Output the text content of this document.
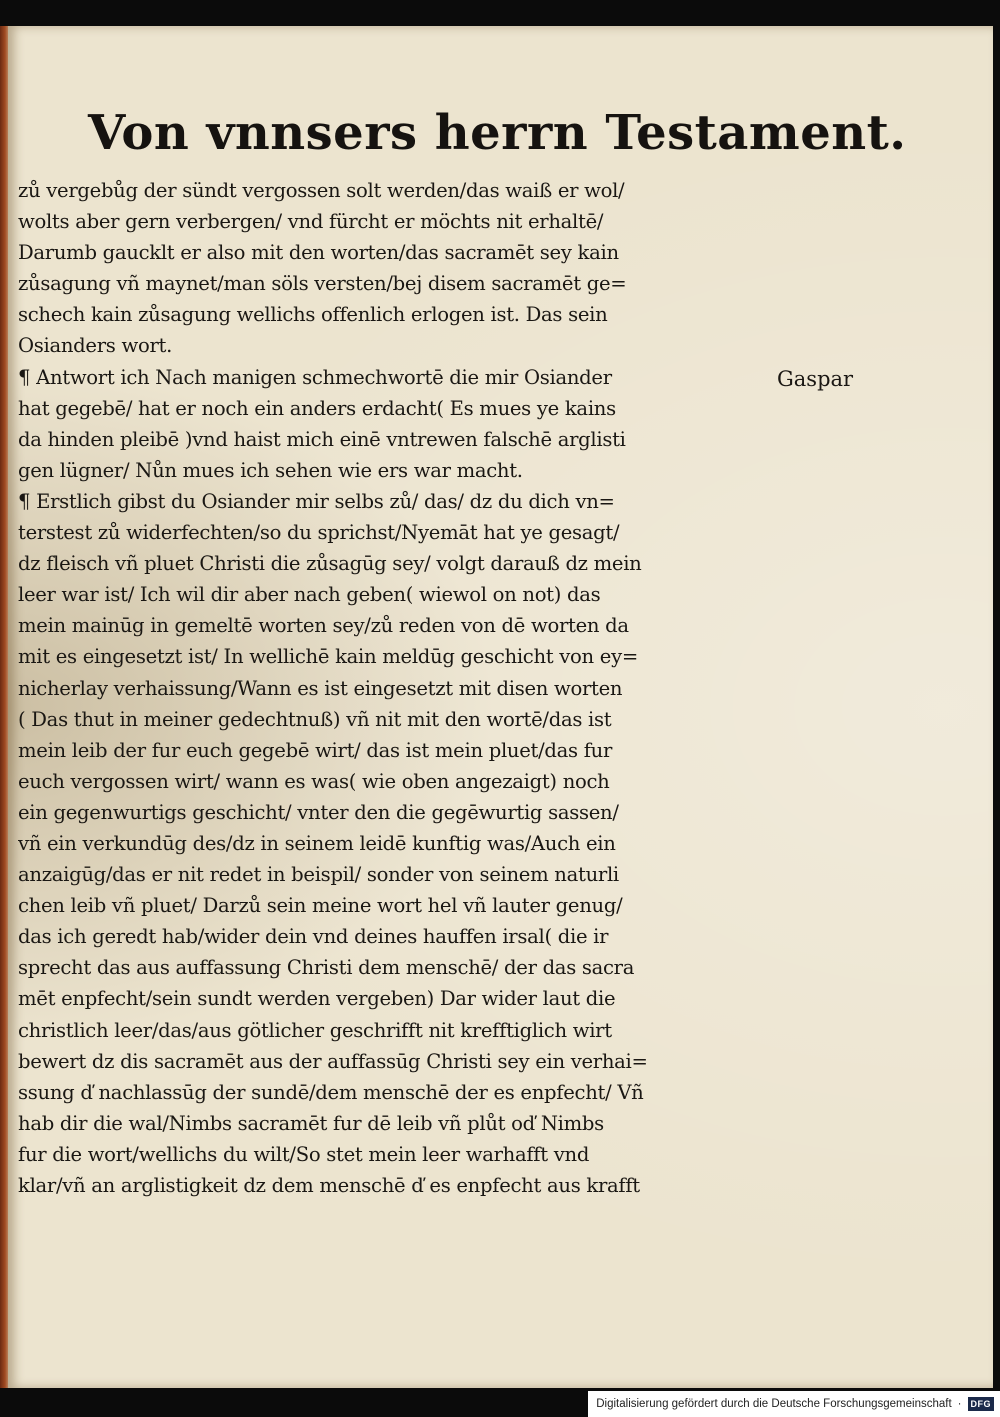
Von vnnsers herrn Testament.
zů vergebůg der sündt vergossen solt werden/das waiß er wol/
wolts aber gern verbergen/ vnd fürcht er möchts nit erhaltē/
Darumb gaucklt er also mit den worten/das sacramēt sey kain
zůsagung vñ maynet/man söls versten/bej disem sacramēt ge=
schech kain zůsagung wellichs offenlich erlogen ist. Das sein
Osianders wort.
¶ Antwort ich Nach manigen schmechwortē die mir Osiander
hat gegebē/ hat er noch ein anders erdacht( Es mues ye kains
da hinden pleibē )vnd haist mich einē vntrewen falschē arglisti
gen lügner/ Nůn mues ich sehen wie ers war macht.
¶ Erstlich gibst du Osiander mir selbs zů/ das/ dz du dich vn=
terstest zů widerfechten/so du sprichst/Nyemāt hat ye gesagt/
dz fleisch vñ pluet Christi die zůsagūg sey/ volgt darauß dz mein
leer war ist/ Ich wil dir aber nach geben( wiewol on not) das
mein mainūg in gemeltē worten sey/zů reden von dē worten da
mit es eingesetzt ist/ In wellichē kain meldūg geschicht von ey=
nicherlay verhaissung/Wann es ist eingesetzt mit disen worten
( Das thut in meiner gedechtnuß) vñ nit mit den wortē/das ist
mein leib der fur euch gegebē wirt/ das ist mein pluet/das fur
euch vergossen wirt/ wann es was( wie oben angezaigt) noch
ein gegenwurtigs geschicht/ vnter den die gegēwurtig sassen/
vñ ein verkundūg des/dz in seinem leidē kunftig was/Auch ein
anzaigūg/das er nit redet in beispil/ sonder von seinem naturli
chen leib vñ pluet/ Darzů sein meine wort hel vñ lauter genug/
das ich geredt hab/wider dein vnd deines hauffen irsal( die ir
sprecht das aus auffassung Christi dem menschē/ der das sacra
mēt enpfecht/sein sundt werden vergeben) Dar wider laut die
christlich leer/das/aus götlicher geschrifft nit krefftiglich wirt
bewert dz dis sacramēt aus der auffassūg Christi sey ein verhai=
ssung ď nachlassūg der sundē/dem menschē der es enpfecht/ Vñ
hab dir die wal/Nimbs sacramēt fur dē leib vñ plůt oď Nimbs
fur die wort/wellichs du wilt/So stet mein leer warhafft vnd
klar/vñ an arglistigkeit dz dem menschē ď es enpfecht aus krafft
Gaspar
Digitalisierung gefördert durch die Deutsche Forschungsgemeinschaft ·	DFG
